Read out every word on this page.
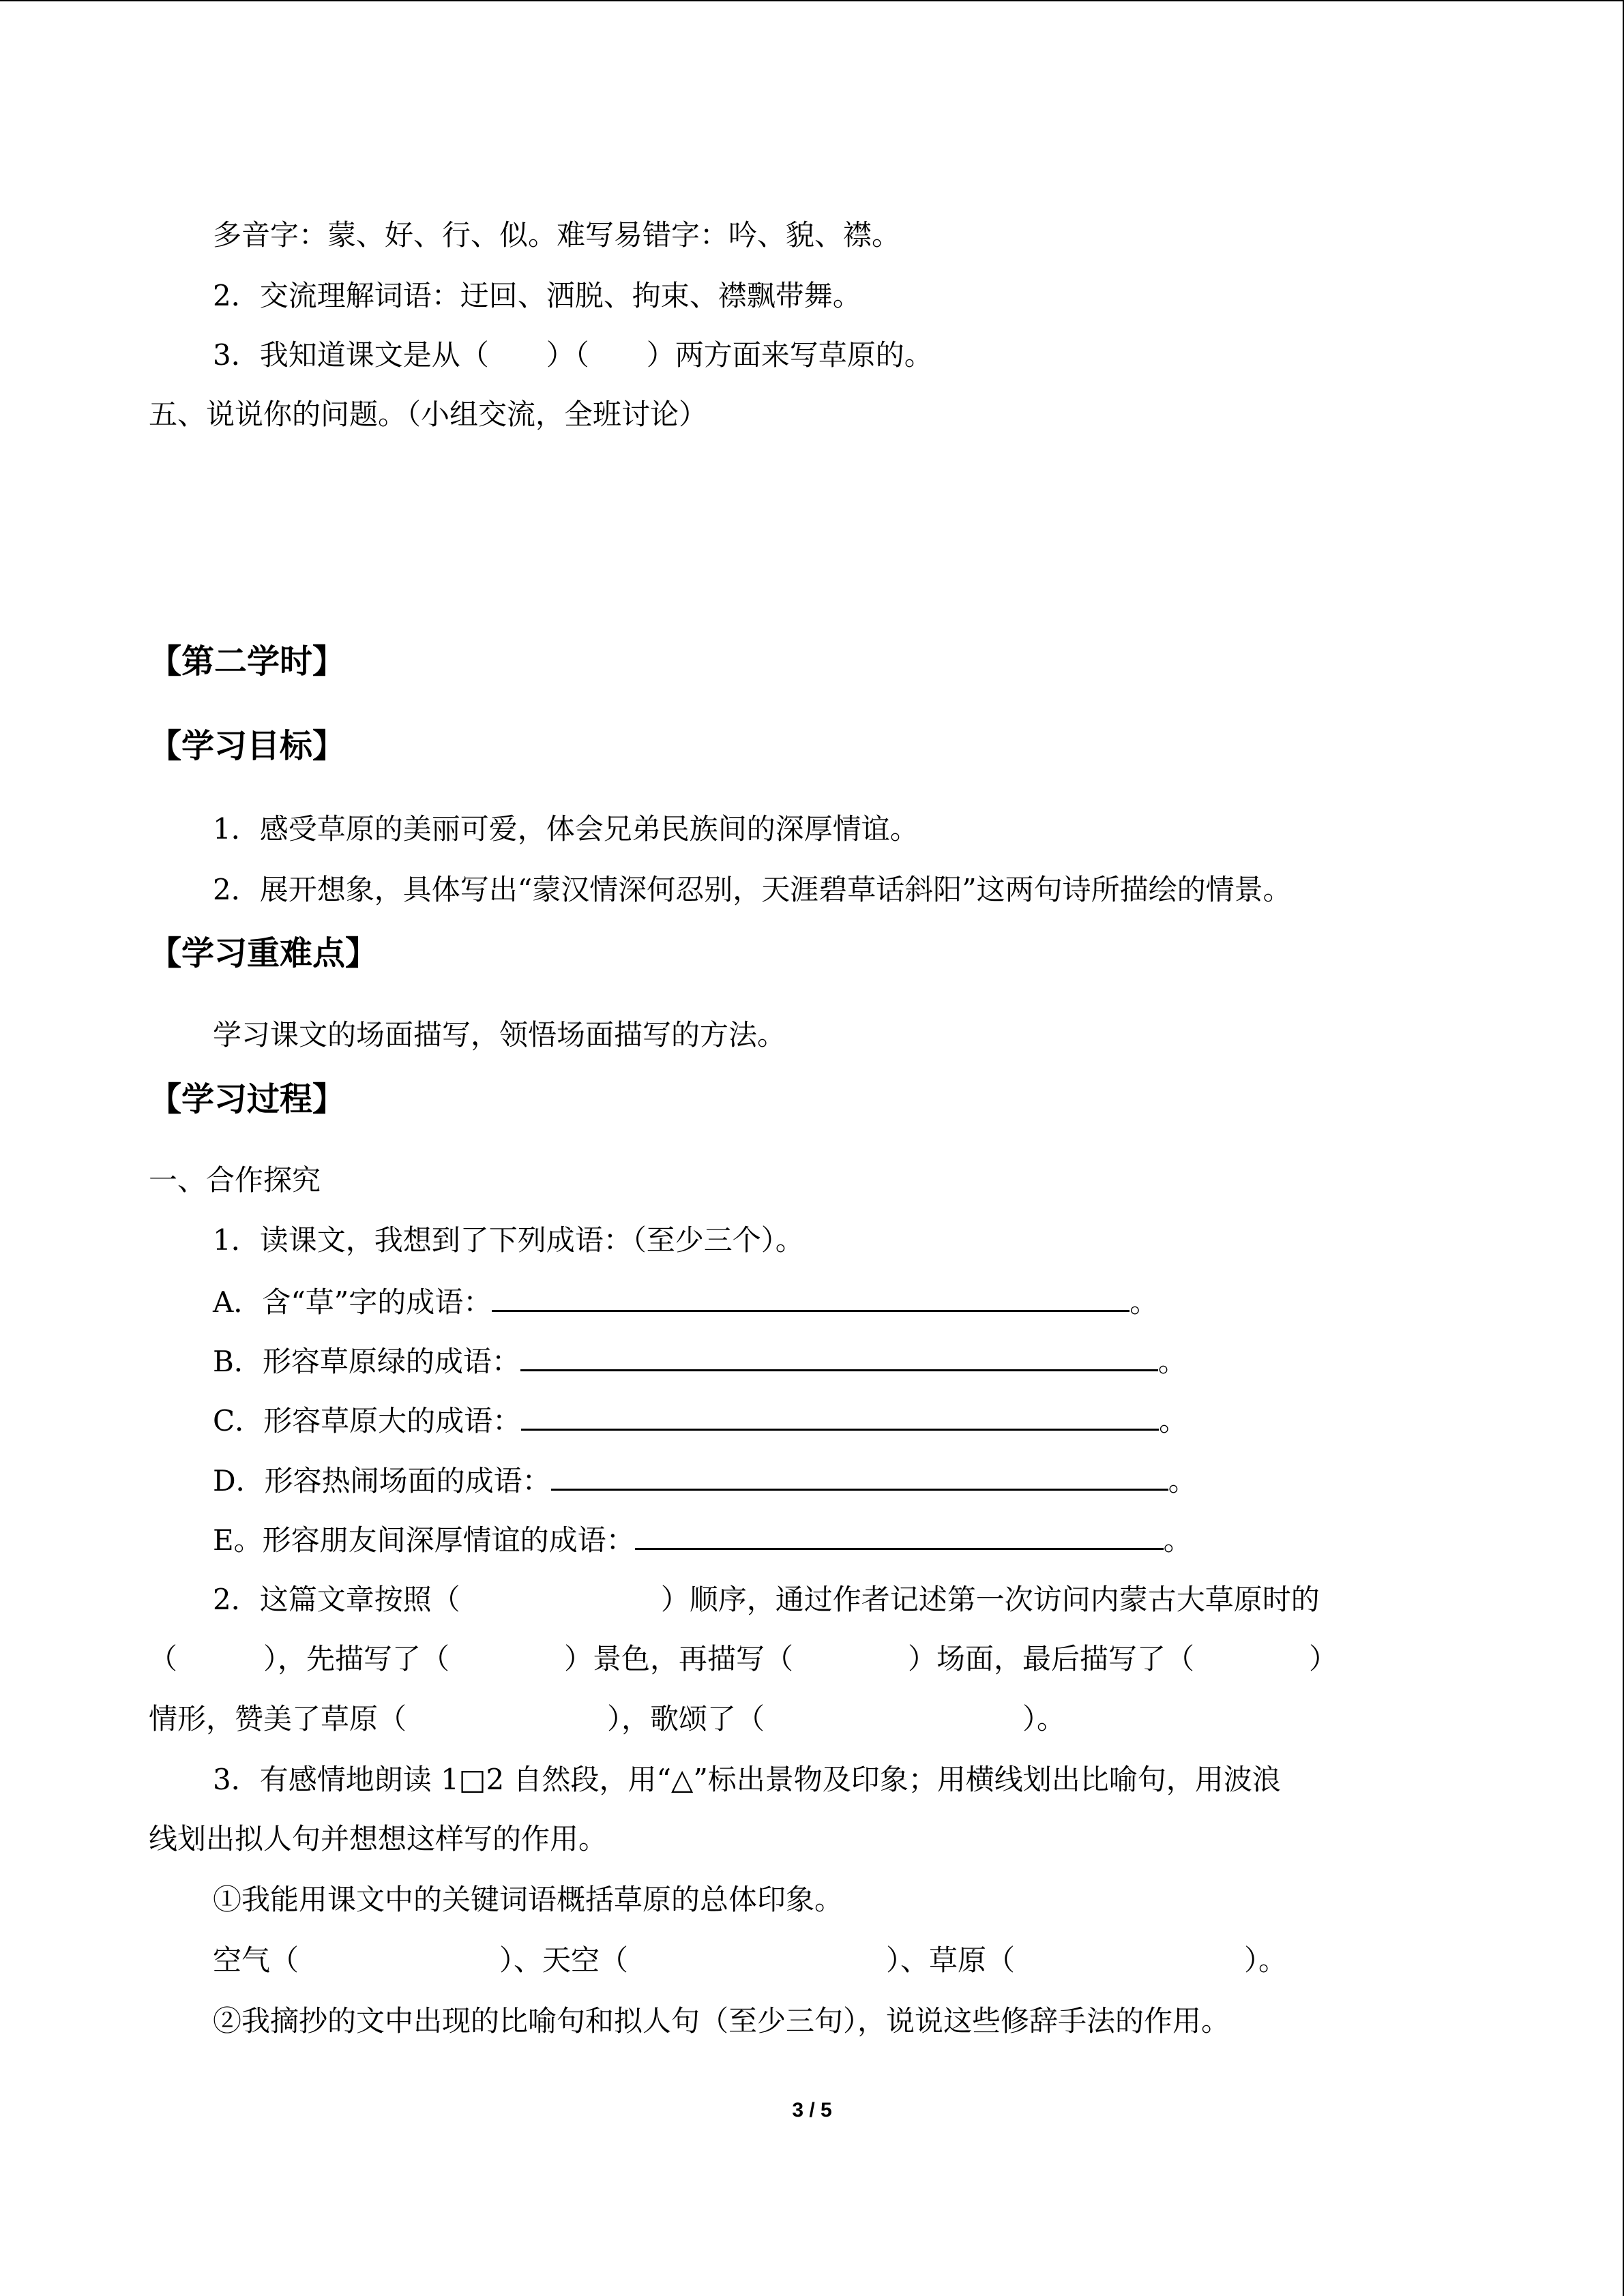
多音字：蒙、好、行、似。难写易错字：吟、貌、襟。
2．交流理解词语：迂回、洒脱、拘束、襟飘带舞。
3．我知道课文是从（　　）（　　）两方面来写草原的。
五、说说你的问题。（小组交流，全班讨论）
【第二学时】
【学习目标】
1．感受草原的美丽可爱，体会兄弟民族间的深厚情谊。
2．展开想象，具体写出“蒙汉情深何忍别，天涯碧草话斜阳”这两句诗所描绘的情景。
【学习重难点】
学习课文的场面描写，领悟场面描写的方法。
【学习过程】
一、合作探究
1．读课文，我想到了下列成语：（至少三个）。
A．含“草”字的成语：	。
B．形容草原绿的成语：	。
C．形容草原大的成语：	。
D．形容热闹场面的成语：	。
E。形容朋友间深厚情谊的成语：	。
2．这篇文章按照（　　　　　　　）顺序，通过作者记述第一次访问内蒙古大草原时的
（　　　），先描写了（　　　　）景色，再描写（　　　　）场面，最后描写了（　　　　）
情形，赞美了草原（　　　　　　　），歌颂了（　　　　　　　　　）。
3．有感情地朗读 1□2 自然段，用“△”标出景物及印象；用横线划出比喻句，用波浪
线划出拟人句并想想这样写的作用。
①我能用课文中的关键词语概括草原的总体印象。
空气（　　　　　　　）、天空（　　　　　　　　　）、草原（　　　　　　　　）。
②我摘抄的文中出现的比喻句和拟人句（至少三句），说说这些修辞手法的作用。
3 / 5
